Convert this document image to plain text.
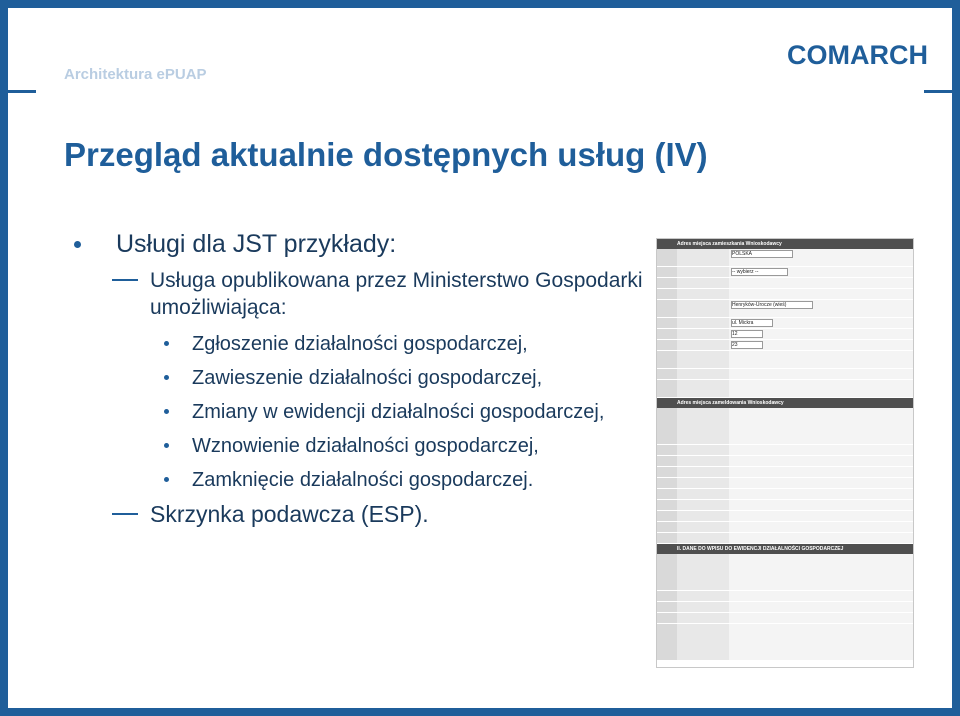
Architektura ePUAP
COMARCH
Przegląd aktualnie dostępnych usług (IV)
Usługi dla JST przykłady:
Usługa opublikowana przez Ministerstwo Gospodarki umożliwiająca:
Zgłoszenie działalności gospodarczej,
Zawieszenie działalności gospodarczej,
Zmiany w ewidencji działalności gospodarczej,
Wznowienie działalności gospodarczej,
Zamknięcie działalności gospodarczej.
Skrzynka podawcza (ESP).
Adres miejsca zamieszkania Wnioskodawcy
POLSKA
-- wybierz --
Henryków-Urocze (wieś)
ul. Mickra
12
23
Adres miejsca zameldowania Wnioskodawcy
II. DANE DO WPISU DO EWIDENCJI DZIAŁALNOŚCI GOSPODARCZEJ
